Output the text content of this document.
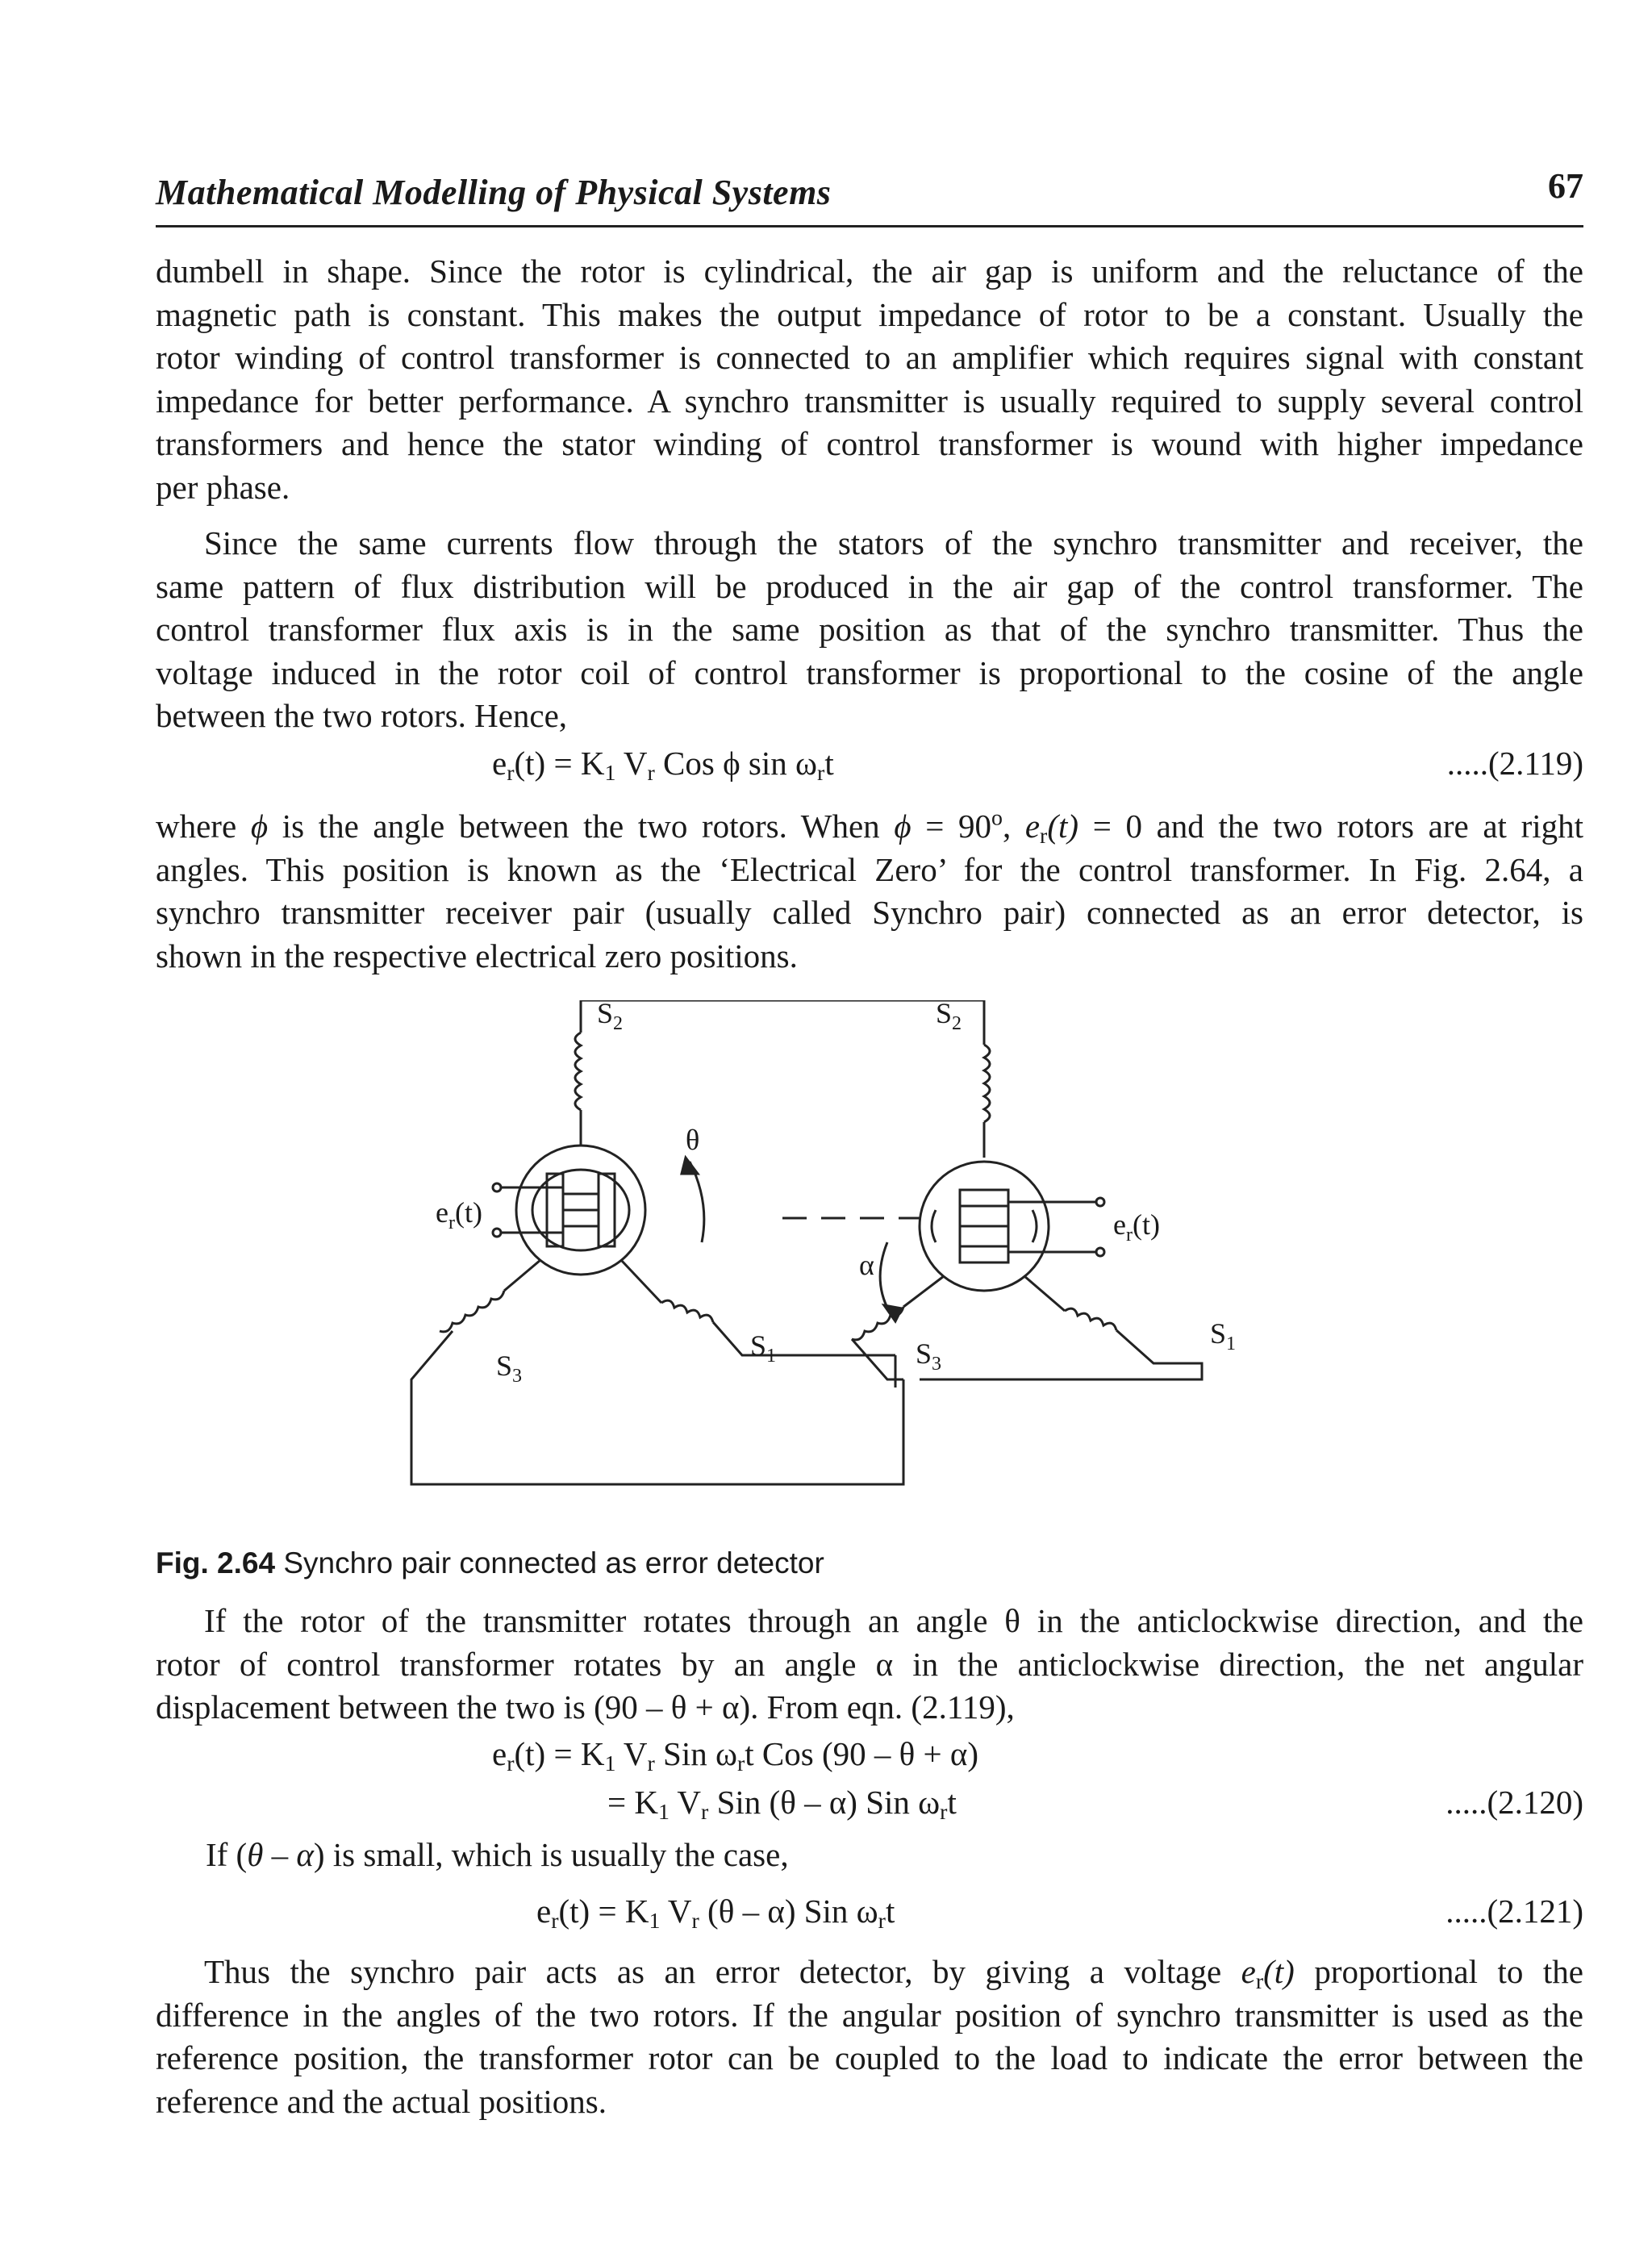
Mathematical Modelling of Physical Systems	67
dumbell in shape. Since the rotor is cylindrical, the air gap is uniform and the reluctance of the
magnetic path is constant. This makes the output impedance of rotor to be a constant. Usually the
rotor winding of control transformer is connected to an amplifier which requires signal with constant
impedance for better performance. A synchro transmitter is usually required to supply several control
transformers and hence the stator winding of control transformer is wound with higher impedance
per phase.
Since the same currents flow through the stators of the synchro transmitter and receiver, the
same pattern of flux distribution will be produced in the air gap of the control transformer. The
control transformer flux axis is in the same position as that of the synchro transmitter. Thus the
voltage induced in the rotor coil of control transformer is proportional to the cosine of the angle
between the two rotors. Hence,
$e_r(t) = K_1$ $V_r$ Cos ϕ $\sin \omega_rt$	.....(2.119)
where ϕ is the angle between the two rotors. When $\phi = 90^o$, $e_r(t) = 0$ and the two rotors are at right
angles. This position is known as the ‘Electrical Zero’ for the control transformer. In Fig. 2.64, a
synchro transmitter receiver pair (usually called Synchro pair) connected as an error detector, is
shown in the respective electrical zero positions.
$S_2$	$S_2$
θ
α
$e_r(t)$	$e_r(t)$
$S_1$
$S_3$
$S_3$
$S_1$
Fig. 2.64 Synchro pair connected as error detector
If the rotor of the transmitter rotates through an angle θ in the anticlockwise direction, and the
rotor of control transformer rotates by an angle α in the anticlockwise direction, the net angular
displacement between the two is (90 – θ + α). From eqn. (2.119),
$e_r(t) = K_1$ $V_r$ Sin $\omega_rt$ Cos (90 – θ + α)
= $K_1$ $V_r$ Sin (θ – α) Sin $\omega_rt$	.....(2.120)
If (θ – α) is small, which is usually the case,
$e_r(t) = K_1$ $V_r$ (θ – α) Sin $\omega_rt$	.....(2.121)
Thus the synchro pair acts as an error detector, by giving a voltage $e_r(t)$ proportional to the
difference in the angles of the two rotors. If the angular position of synchro transmitter is used as the
reference position, the transformer rotor can be coupled to the load to indicate the error between the
reference and the actual positions.
